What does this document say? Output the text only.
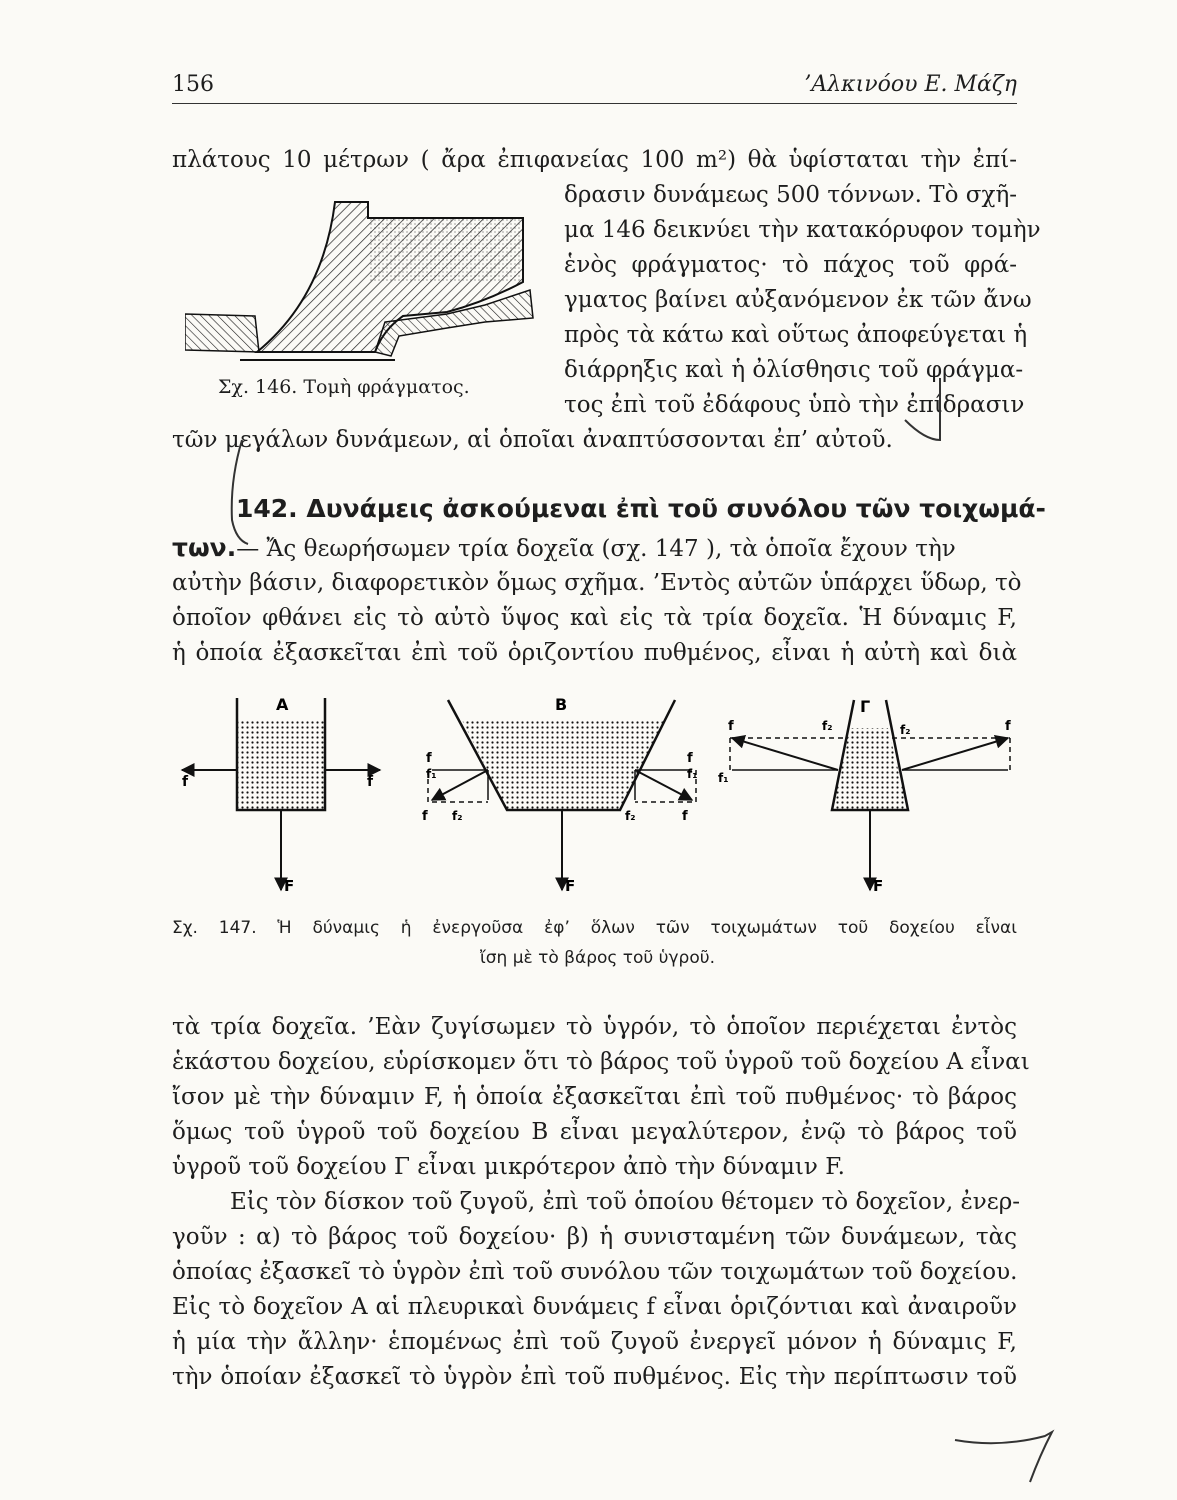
156	’Αλκινόου Ε. Μάζη
πλάτους 10 μέτρων ( ἄρα ἐπιφανείας 100 m²) θὰ ὑφίσταται τὴν ἐπί-
δρασιν δυνάμεως 500 τόννων. Τὸ σχῆ-
μα 146 δεικνύει τὴν κατακόρυφον τομὴν
ἑνὸς φράγματος· τὸ πάχος τοῦ φρά-
γματος βαίνει αὐξανόμενον ἐκ τῶν ἄνω
πρὸς τὰ κάτω καὶ οὕτως ἀποφεύγεται ἡ
διάρρηξις καὶ ἡ ὀλίσθησις τοῦ φράγμα-
τος ἐπὶ τοῦ ἐδάφους ὑπὸ τὴν ἐπίδρασιν
τῶν μεγάλων δυνάμεων, αἱ ὁποῖαι ἀναπτύσσονται ἐπ’ αὐτοῦ.
Σχ. 146. Τομὴ φράγματος.
142. Δυνάμεις ἀσκούμεναι ἐπὶ τοῦ συνόλου τῶν τοιχωμά-
των.— Ἄς θεωρήσωμεν τρία δοχεῖα (σχ. 147 ), τὰ ὁποῖα ἔχουν τὴν
αὐτὴν βάσιν, διαφορετικὸν ὅμως σχῆμα. ’Εντὸς αὐτῶν ὑπάρχει ὕδωρ, τὸ
ὁποῖον φθάνει εἰς τὸ αὐτὸ ὕψος καὶ εἰς τὰ τρία δοχεῖα. Ἡ δύναμις F,
ἡ ὁποία ἐξασκεῖται ἐπὶ τοῦ ὁριζοντίου πυθμένος, εἶναι ἡ αὐτὴ καὶ διὰ
A
f	f
F
B
f
f₁
f f₂
f
f₁
f₂	f
F
Γ
f	f₂
f₁
f₂	f
F
Σχ. 147. Ἡ δύναμις ἡ ἐνεργοῦσα ἐφ’ ὅλων τῶν τοιχωμάτων τοῦ δοχείου εἶναι
ἴση μὲ τὸ βάρος τοῦ ὑγροῦ.
τὰ τρία δοχεῖα. ’Εὰν ζυγίσωμεν τὸ ὑγρόν, τὸ ὁποῖον περιέχεται ἐντὸς
ἑκάστου δοχείου, εὑρίσκομεν ὅτι τὸ βάρος τοῦ ὑγροῦ τοῦ δοχείου Α εἶναι
ἴσον μὲ τὴν δύναμιν F, ἡ ὁποία ἐξασκεῖται ἐπὶ τοῦ πυθμένος· τὸ βάρος
ὅμως τοῦ ὑγροῦ τοῦ δοχείου Β εἶναι μεγαλύτερον, ἐνῷ τὸ βάρος τοῦ
ὑγροῦ τοῦ δοχείου Γ εἶναι μικρότερον ἀπὸ τὴν δύναμιν F.
Εἰς τὸν δίσκον τοῦ ζυγοῦ, ἐπὶ τοῦ ὁποίου θέτομεν τὸ δοχεῖον, ἐνερ-
γοῦν : α) τὸ βάρος τοῦ δοχείου· β) ἡ συνισταμένη τῶν δυνάμεων, τὰς
ὁποίας ἐξασκεῖ τὸ ὑγρὸν ἐπὶ τοῦ συνόλου τῶν τοιχωμάτων τοῦ δοχείου.
Εἰς τὸ δοχεῖον Α αἱ πλευρικαὶ δυνάμεις f εἶναι ὁριζόντιαι καὶ ἀναιροῦν
ἡ μία τὴν ἄλλην· ἑπομένως ἐπὶ τοῦ ζυγοῦ ἐνεργεῖ μόνον ἡ δύναμις F,
τὴν ὁποίαν ἐξασκεῖ τὸ ὑγρὸν ἐπὶ τοῦ πυθμένος. Εἰς τὴν περίπτωσιν τοῦ
